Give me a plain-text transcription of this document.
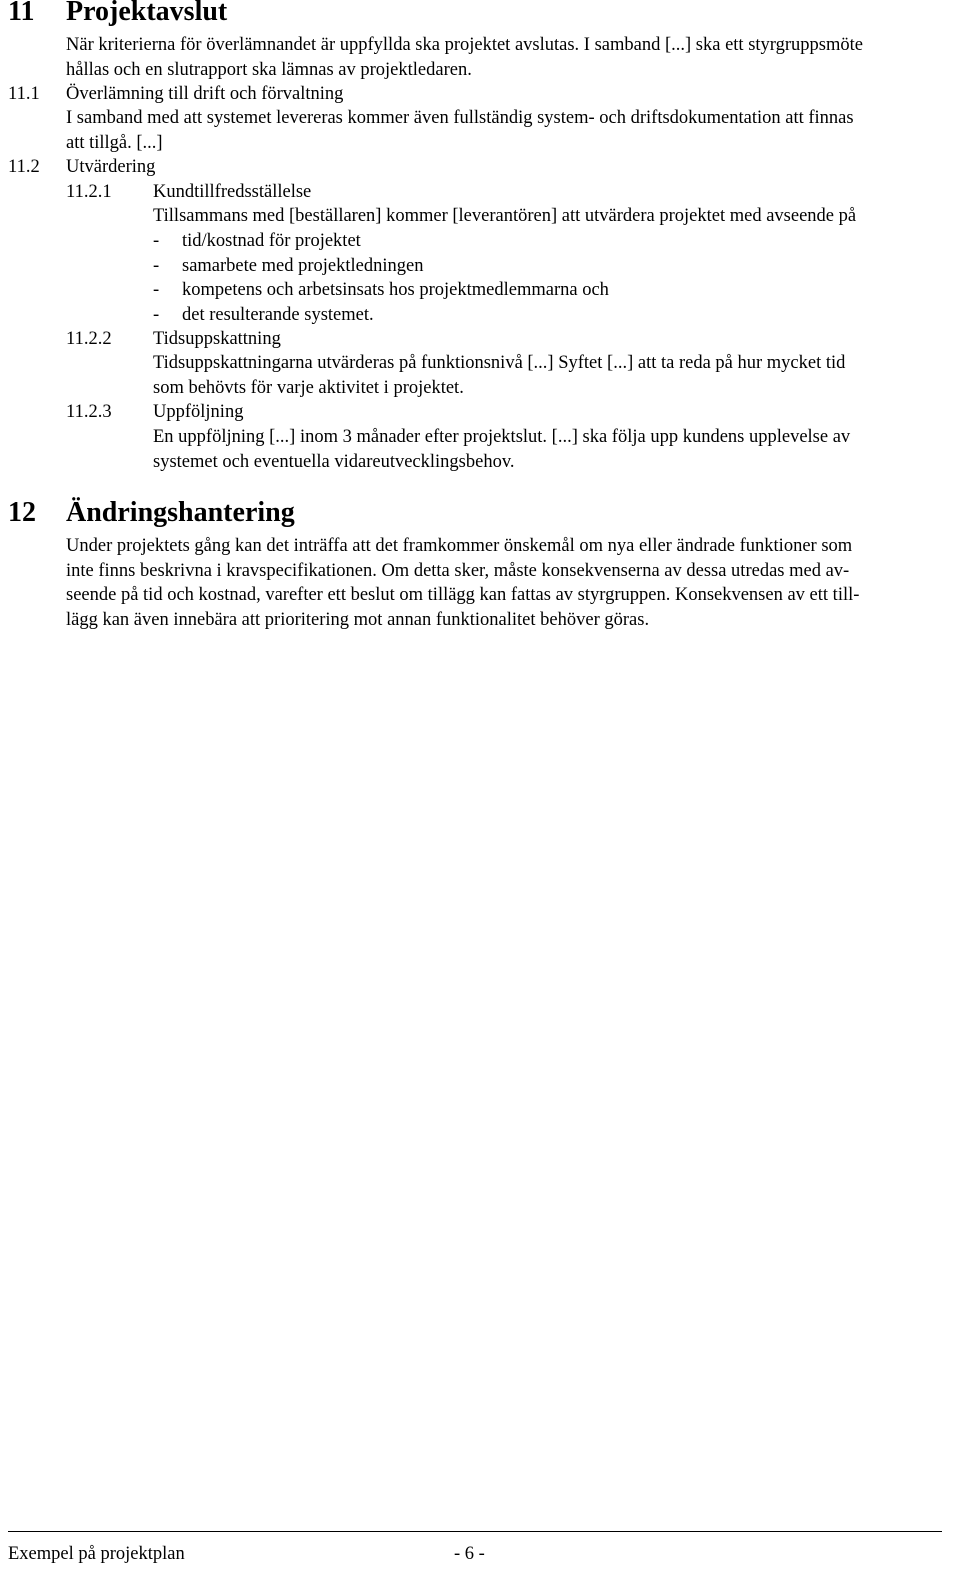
11 Projektavslut

När kriterierna för överlämnandet är uppfyllda ska projektet avslutas. I samband [...] ska ett styrgruppsmöte
hållas och en slutrapport ska lämnas av projektledaren.

11.1 Överlämning till drift och förvaltning

I samband med att systemet levereras kommer även fullständig system- och driftsdokumentation att finnas
att tillgå. [...]

11.2 Utvärdering
11.2.1 Kundtillfredsställelse

Tillsammans med [beställaren] kommer [leverantören] att utvärdera projektet med avseende på

- tid/kostnad för projektet
- samarbete med projektledningen
- kompetens och arbetsinsats hos projektmedlemmarna och
- det resulterande systemet.
11.2.2 Tidsuppskattning

Tidsuppskattningarna utvärderas på funktionsnivå [...] Syftet [...] att ta reda på hur mycket tid
som behövts för varje aktivitet i projektet.

11.2.3 Uppföljning

En uppföljning [...] inom 3 månader efter projektslut. [...] ska följa upp kundens upplevelse av
systemet och eventuella vidareutvecklingsbehov.

12 Ändringshantering

Under projektets gång kan det inträffa att det framkommer önskemål om nya eller ändrade funktioner som
inte finns beskrivna i kravspecifikationen. Om detta sker, måste konsekvenserna av dessa utredas med av-
seende på tid och kostnad, varefter ett beslut om tillägg kan fattas av styrgruppen. Konsekvensen av ett till-
lägg kan även innebära att prioritering mot annan funktionalitet behöver göras.

Exempel på projektplan	- 6 -
